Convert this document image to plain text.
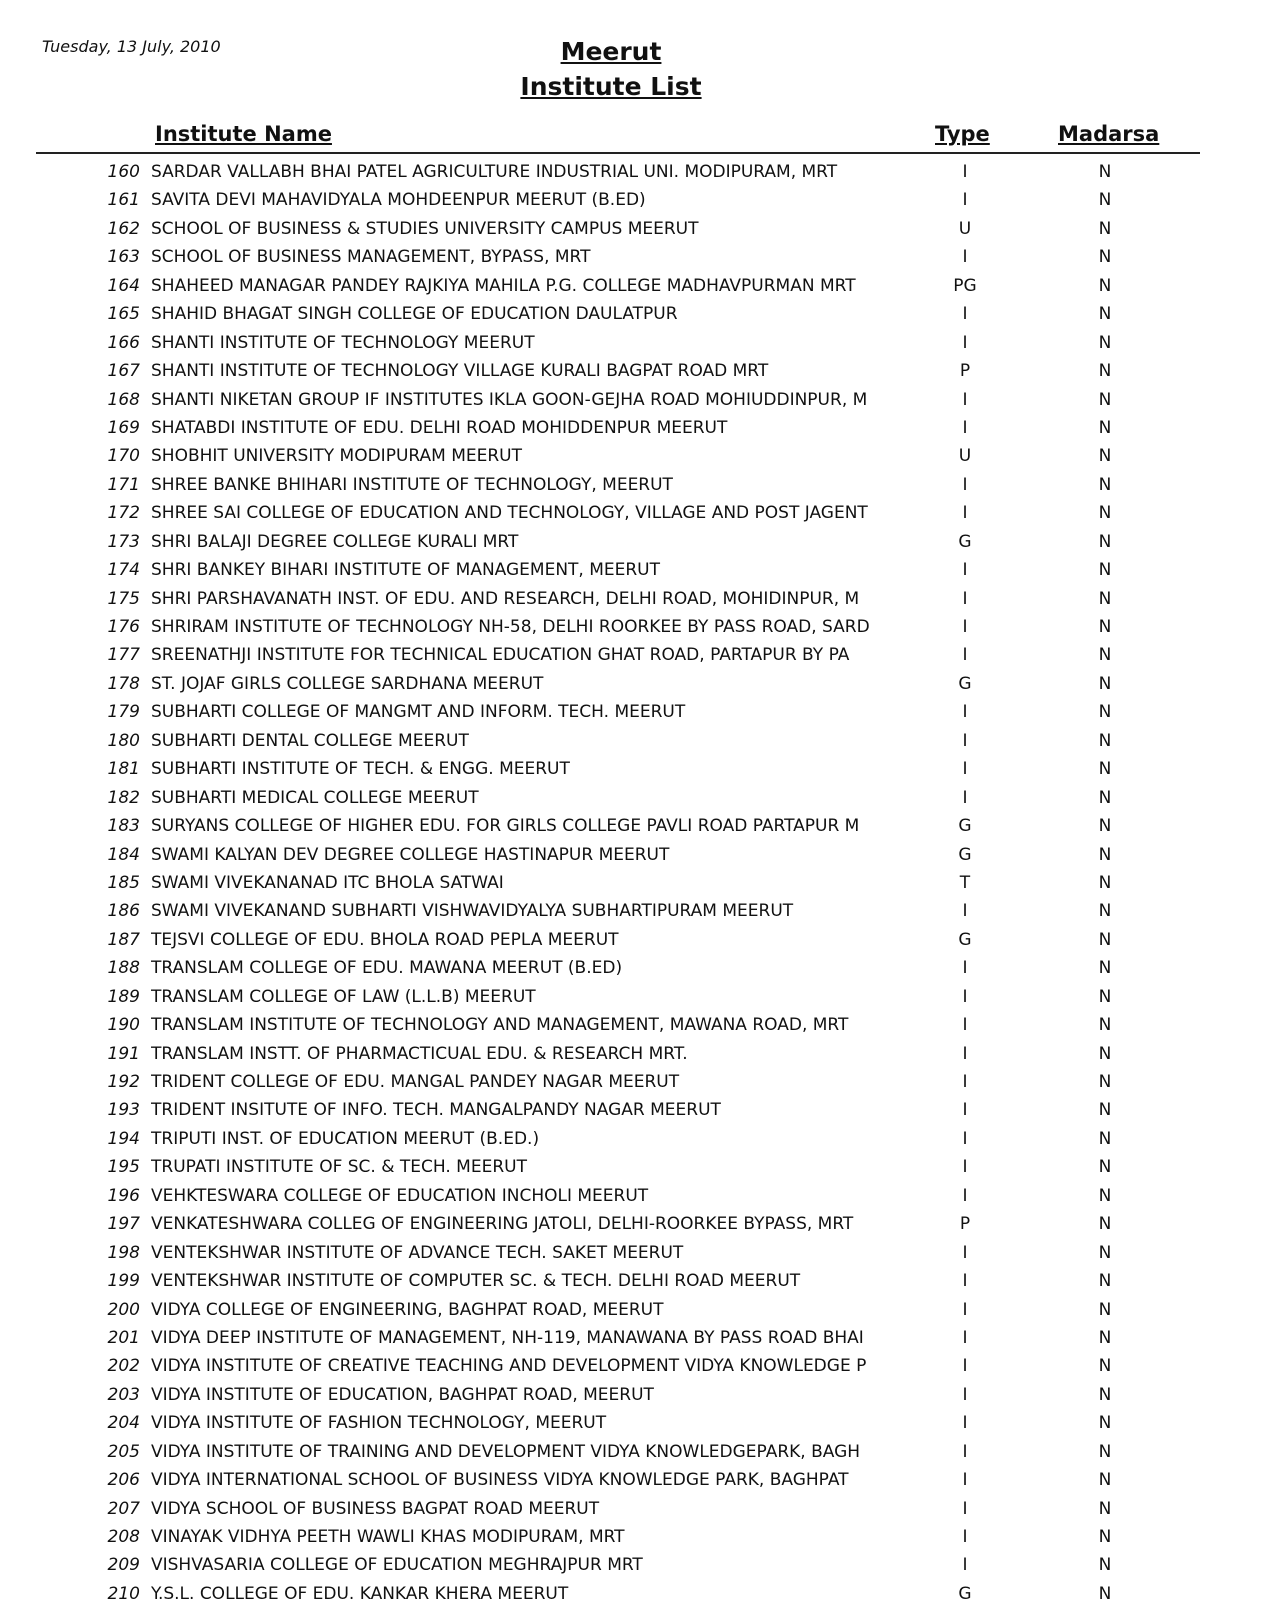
Tuesday, 13 July, 2010	Meerut
Institute List
Institute Name	Type	Madarsa
160 SARDAR VALLABH BHAI PATEL AGRICULTURE INDUSTRIAL UNI. MODIPURAM, MRT	I	N
161 SAVITA DEVI MAHAVIDYALA MOHDEENPUR MEERUT (B.ED)	I	N
162 SCHOOL OF BUSINESS & STUDIES UNIVERSITY CAMPUS MEERUT	U	N
163 SCHOOL OF BUSINESS MANAGEMENT, BYPASS, MRT	I	N
164 SHAHEED MANAGAR PANDEY RAJKIYA MAHILA P.G. COLLEGE MADHAVPURMAN MRT	PG	N
165 SHAHID BHAGAT SINGH COLLEGE OF EDUCATION DAULATPUR	I	N
166 SHANTI INSTITUTE OF TECHNOLOGY MEERUT	I	N
167 SHANTI INSTITUTE OF TECHNOLOGY VILLAGE KURALI BAGPAT ROAD MRT	P	N
168 SHANTI NIKETAN GROUP IF INSTITUTES IKLA GOON-GEJHA ROAD MOHIUDDINPUR, M	I	N
169 SHATABDI INSTITUTE OF EDU. DELHI ROAD MOHIDDENPUR MEERUT	I	N
170 SHOBHIT UNIVERSITY MODIPURAM MEERUT	U	N
171 SHREE BANKE BHIHARI INSTITUTE OF TECHNOLOGY, MEERUT	I	N
172 SHREE SAI COLLEGE OF EDUCATION AND TECHNOLOGY, VILLAGE AND POST JAGENT	I	N
173 SHRI BALAJI DEGREE COLLEGE KURALI MRT	G	N
174 SHRI BANKEY BIHARI INSTITUTE OF MANAGEMENT, MEERUT	I	N
175 SHRI PARSHAVANATH INST. OF EDU. AND RESEARCH, DELHI ROAD, MOHIDINPUR, M	I	N
176 SHRIRAM INSTITUTE OF TECHNOLOGY NH-58, DELHI ROORKEE BY PASS ROAD, SARD	I	N
177 SREENATHJI INSTITUTE FOR TECHNICAL EDUCATION GHAT ROAD, PARTAPUR BY PA	I	N
178 ST. JOJAF GIRLS COLLEGE SARDHANA MEERUT	G	N
179 SUBHARTI COLLEGE OF MANGMT AND INFORM. TECH. MEERUT	I	N
180 SUBHARTI DENTAL COLLEGE MEERUT	I	N
181 SUBHARTI INSTITUTE OF TECH. & ENGG. MEERUT	I	N
182 SUBHARTI MEDICAL COLLEGE MEERUT	I	N
183 SURYANS COLLEGE OF HIGHER EDU. FOR GIRLS COLLEGE PAVLI ROAD PARTAPUR M	G	N
184 SWAMI KALYAN DEV DEGREE COLLEGE HASTINAPUR MEERUT	G	N
185 SWAMI VIVEKANANAD ITC BHOLA SATWAI	T	N
186 SWAMI VIVEKANAND SUBHARTI VISHWAVIDYALYA SUBHARTIPURAM MEERUT	I	N
187 TEJSVI COLLEGE OF EDU. BHOLA ROAD PEPLA MEERUT	G	N
188 TRANSLAM COLLEGE OF EDU. MAWANA MEERUT (B.ED)	I	N
189 TRANSLAM COLLEGE OF LAW (L.L.B) MEERUT	I	N
190 TRANSLAM INSTITUTE OF TECHNOLOGY AND MANAGEMENT, MAWANA ROAD, MRT	I	N
191 TRANSLAM INSTT. OF PHARMACTICUAL EDU. & RESEARCH MRT.	I	N
192 TRIDENT COLLEGE OF EDU. MANGAL PANDEY NAGAR MEERUT	I	N
193 TRIDENT INSITUTE OF INFO. TECH. MANGALPANDY NAGAR MEERUT	I	N
194 TRIPUTI INST. OF EDUCATION MEERUT (B.ED.)	I	N
195 TRUPATI INSTITUTE OF SC. & TECH. MEERUT	I	N
196 VEHKTESWARA COLLEGE OF EDUCATION INCHOLI MEERUT	I	N
197 VENKATESHWARA COLLEG OF ENGINEERING JATOLI, DELHI-ROORKEE BYPASS, MRT	P	N
198 VENTEKSHWAR INSTITUTE OF ADVANCE TECH. SAKET MEERUT	I	N
199 VENTEKSHWAR INSTITUTE OF COMPUTER SC. & TECH. DELHI ROAD MEERUT	I	N
200 VIDYA COLLEGE OF ENGINEERING, BAGHPAT ROAD, MEERUT	I	N
201 VIDYA DEEP INSTITUTE OF MANAGEMENT, NH-119, MANAWANA BY PASS ROAD BHAI	I	N
202 VIDYA INSTITUTE OF CREATIVE TEACHING AND DEVELOPMENT VIDYA KNOWLEDGE P	I	N
203 VIDYA INSTITUTE OF EDUCATION, BAGHPAT ROAD, MEERUT	I	N
204 VIDYA INSTITUTE OF FASHION TECHNOLOGY, MEERUT	I	N
205 VIDYA INSTITUTE OF TRAINING AND DEVELOPMENT VIDYA KNOWLEDGEPARK, BAGH	I	N
206 VIDYA INTERNATIONAL SCHOOL OF BUSINESS VIDYA KNOWLEDGE PARK, BAGHPAT	I	N
207 VIDYA SCHOOL OF BUSINESS BAGPAT ROAD MEERUT	I	N
208 VINAYAK VIDHYA PEETH WAWLI KHAS MODIPURAM, MRT	I	N
209 VISHVASARIA COLLEGE OF EDUCATION MEGHRAJPUR MRT	I	N
210 Y.S.L. COLLEGE OF EDU. KANKAR KHERA MEERUT	G	N
